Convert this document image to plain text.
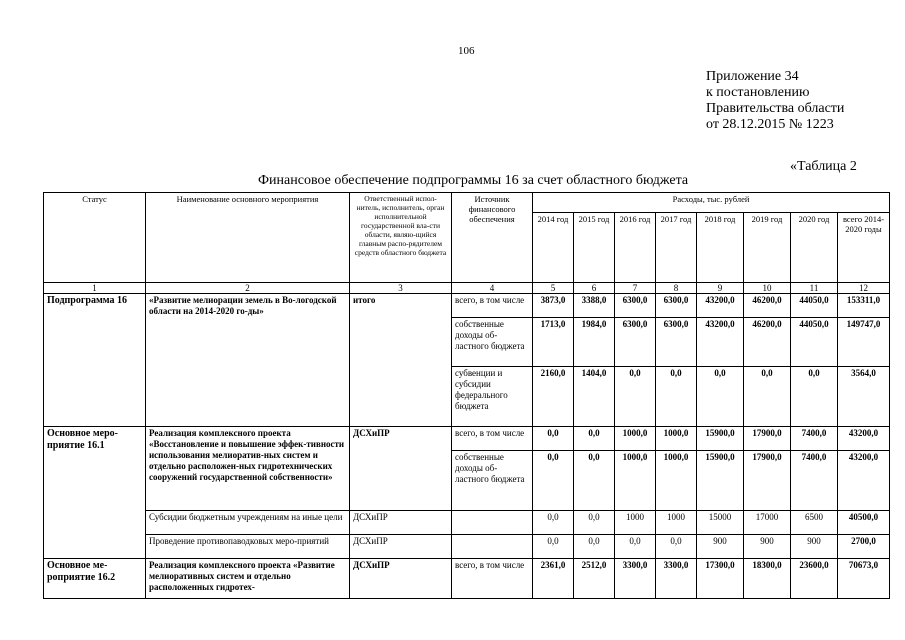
106
Приложение 34
к постановлению
Правительства области
от 28.12.2015 № 1223
«Таблица 2
Финансовое обеспечение подпрограммы 16 за счет областного бюджета
Статус	Наименование основного мероприятия	Ответственный испол-нитель, исполнитель, орган исполнительной государственной вла-сти области, являю-щийся главным распо-рядителем средств областного бюджета	Источник финансового обеспечения	Расходы, тыс. рублей							
				2014 год	2015 год	2016 год	2017 год	2018 год	2019 год	2020 год	всего 2014-2020 годы
1	2	3	4	5	6	7	8	9	10	11	12
Подпрограмма 16	«Развитие мелиорации земель в Во-логодской области на 2014-2020 го-ды»	итого	всего, в том числе	3873,0	3388,0	6300,0	6300,0	43200,0	46200,0	44050,0	153311,0
			собственные доходы об-ластного бюджета	1713,0	1984,0	6300,0	6300,0	43200,0	46200,0	44050,0	149747,0
			субвенции и субсидии федерального бюджета	2160,0	1404,0	0,0	0,0	0,0	0,0	0,0	3564,0
Основное меро-приятие 16.1	Реализация комплексного проекта «Восстановление и повышение эффек-тивности использования мелиоратив-ных систем и отдельно расположен-ных гидротехнических сооружений государственной собственности»	ДСХиПР	всего, в том числе	0,0	0,0	1000,0	1000,0	15900,0	17900,0	7400,0	43200,0
			собственные доходы об-ластного бюджета	0,0	0,0	1000,0	1000,0	15900,0	17900,0	7400,0	43200,0
	Субсидии бюджетным учреждениям на иные цели	ДСХиПР		0,0	0,0	1000	1000	15000	17000	6500	40500,0
	Проведение противопаводковых меро-приятий	ДСХиПР		0,0	0,0	0,0	0,0	900	900	900	2700,0
Основное ме-роприятие 16.2	Реализация комплексного проекта «Развитие мелиоративных систем и отдельно расположенных гидротех-	ДСХиПР	всего, в том числе	2361,0	2512,0	3300,0	3300,0	17300,0	18300,0	23600,0	70673,0
